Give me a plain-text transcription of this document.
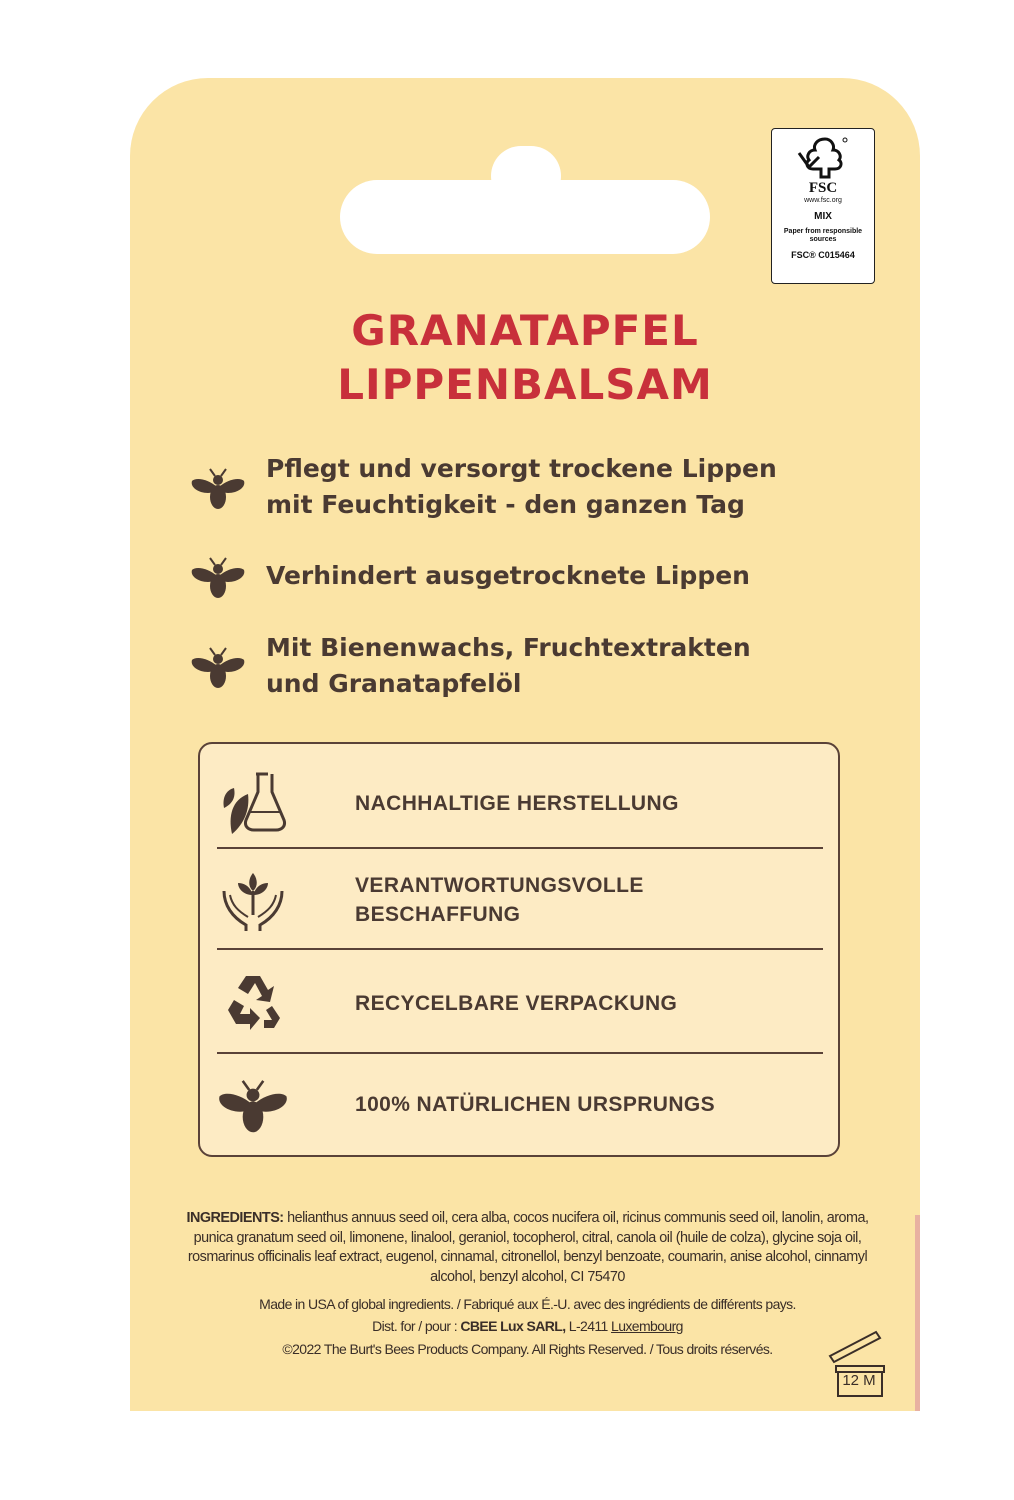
FSC
www.fsc.org
MIX
Paper from responsible sources
FSC® C015464
GRANATAPFEL
LIPPENBALSAM
Pflegt und versorgt trockene Lippen mit Feuchtigkeit - den ganzen Tag
Verhindert ausgetrocknete Lippen
Mit Bienenwachs, Fruchtextrakten und Granatapfelöl
NACHHALTIGE HERSTELLUNG
VERANTWORTUNGSVOLLE BESCHAFFUNG
RECYCELBARE VERPACKUNG
100% NATÜRLICHEN URSPRUNGS
INGREDIENTS: helianthus annuus seed oil, cera alba, cocos nucifera oil, ricinus communis seed oil, lanolin, aroma, punica granatum seed oil, limonene, linalool, geraniol, tocopherol, citral, canola oil (huile de colza), glycine soja oil, rosmarinus officinalis leaf extract, eugenol, cinnamal, citronellol, benzyl benzoate, coumarin, anise alcohol, cinnamyl alcohol, benzyl alcohol, CI 75470
Made in USA of global ingredients. / Fabriqué aux É.-U. avec des ingrédients de différents pays.
Dist. for / pour : CBEE Lux SARL, L-2411 Luxembourg
©2022 The Burt's Bees Products Company. All Rights Reserved. / Tous droits réservés.
12 M
